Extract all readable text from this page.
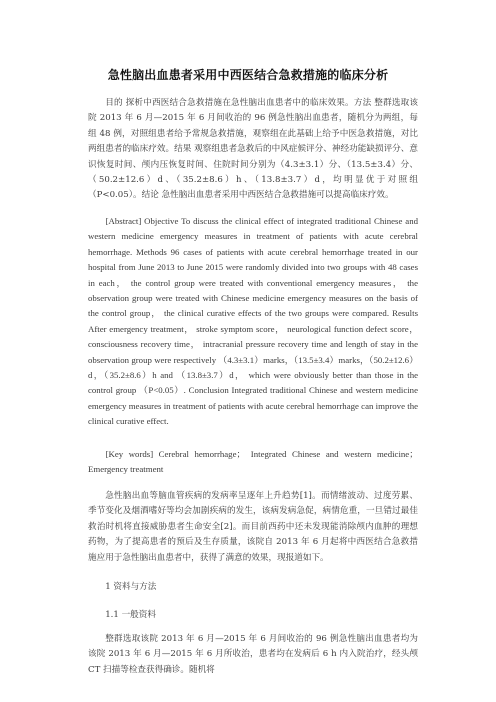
急性脑出血患者采用中西医结合急救措施的临床分析
目的 探析中西医结合急救措施在急性脑出血患者中的临床效果。方法 整群选取该院 2013 年 6 月—2015 年 6 月间收治的 96 例急性脑出血患者，随机分为两组，每组 48 例，对照组患者给予常规急救措施，观察组在此基础上给予中医急救措施，对比两组患者的临床疗效。结果 观察组患者急救后的中风症候评分、神经功能缺损评分、意识恢复时间、颅内压恢复时间、住院时间分别为（4.3±3.1）分、（13.5±3.4）分、（50.2±12.6）d、（35.2±8.6）h、（13.8±3.7）d，均明显优于对照组（P<0.05）。结论 急性脑出血患者采用中西医结合急救措施可以提高临床疗效。
[Abstract] Objective To discuss the clinical effect of integrated traditional Chinese and western medicine emergency measures in treatment of patients with acute cerebral hemorrhage. Methods 96 cases of patients with acute cerebral hemorrhage treated in our hospital from June 2013 to June 2015 were randomly divided into two groups with 48 cases in each， the control group were treated with conventional emergency measures， the observation group were treated with Chinese medicine emergency measures on the basis of the control group， the clinical curative effects of the two groups were compared. Results After emergency treatment， stroke symptom score， neurological function defect score， consciousness recovery time， intracranial pressure recovery time and length of stay in the observation group were respectively （4.3±3.1）marks，（13.5±3.4）marks，（50.2±12.6）d，（35.2±8.6）h and （13.8±3.7）d， which were obviously better than those in the control group （P<0.05）. Conclusion Integrated traditional Chinese and western medicine emergency measures in treatment of patients with acute cerebral hemorrhage can improve the clinical curative effect.
[Key words] Cerebral hemorrhage； Integrated Chinese and western medicine； Emergency treatment
急性脑出血等脑血管疾病的发病率呈逐年上升趋势[1]。而情绪波动、过度劳累、季节变化及烟酒嗜好等均会加剧疾病的发生，该病发病急促，病情危重，一旦错过最佳救治时机将直接威胁患者生命安全[2]。而目前西药中还未发现能消除颅内血肿的理想药物，为了提高患者的预后及生存质量，该院自 2013 年 6 月起将中西医结合急救措施应用于急性脑出血患者中，获得了满意的效果，现报道如下。
1 资料与方法
1.1 一般资料
整群选取该院 2013 年 6 月—2015 年 6 月间收治的 96 例急性脑出血患者均为该院 2013 年 6 月—2015 年 6 月所收治，患者均在发病后 6 h 内入院治疗，经头颅 CT 扫描等检查获得确诊。随机将
